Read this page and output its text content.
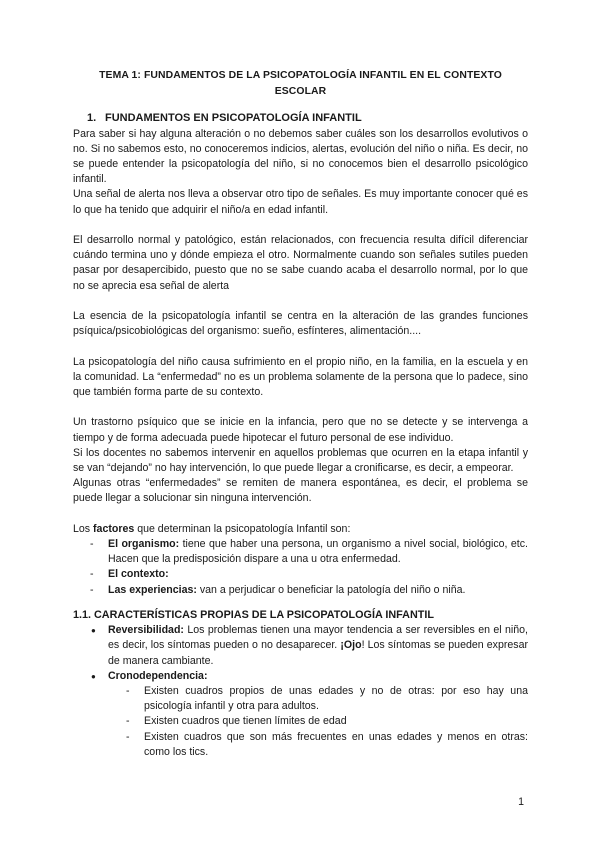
TEMA 1: FUNDAMENTOS DE LA PSICOPATOLOGÍA INFANTIL EN EL CONTEXTO ESCOLAR
1. FUNDAMENTOS EN PSICOPATOLOGÍA INFANTIL

Para saber si hay alguna alteración o no debemos saber cuáles son los desarrollos evolutivos o no. Si no sabemos esto, no conoceremos indicios, alertas, evolución del niño o niña. Es decir, no se puede entender la psicopatología del niño, si no conocemos bien el desarrollo psicológico infantil.

Una señal de alerta nos lleva a observar otro tipo de señales. Es muy importante conocer qué es lo que ha tenido que adquirir el niño/a en edad infantil.

El desarrollo normal y patológico, están relacionados, con frecuencia resulta difícil diferenciar cuándo termina uno y dónde empieza el otro. Normalmente cuando son señales sutiles pueden pasar por desapercibido, puesto que no se sabe cuando acaba el desarrollo normal, por lo que no se aprecia esa señal de alerta

La esencia de la psicopatología infantil se centra en la alteración de las grandes funciones psíquica/psicobiológicas del organismo: sueño, esfínteres, alimentación....

La psicopatología del niño causa sufrimiento en el propio niño, en la familia, en la escuela y en la comunidad. La “enfermedad” no es un problema solamente de la persona que lo padece, sino que también forma parte de su contexto.

Un trastorno psíquico que se inicie en la infancia, pero que no se detecte y se intervenga a tiempo y de forma adecuada puede hipotecar el futuro personal de ese individuo.

Si los docentes no sabemos intervenir en aquellos problemas que ocurren en la etapa infantil y se van “dejando” no hay intervención, lo que puede llegar a cronificarse, es decir, a empeorar.

Algunas otras “enfermedades” se remiten de manera espontánea, es decir, el problema se puede llegar a solucionar sin ninguna intervención.

Los factores que determinan la psicopatología Infantil son:

- El organismo: tiene que haber una persona, un organismo a nivel social, biológico, etc. Hacen que la predisposición dispare a una u otra enfermedad.
- El contexto:
- Las experiencias: van a perjudicar o beneficiar la patología del niño o niña.
1.1. CARACTERÍSTICAS PROPIAS DE LA PSICOPATOLOGÍA INFANTIL
● Reversibilidad: Los problemas tienen una mayor tendencia a ser reversibles en el niño, es decir, los síntomas pueden o no desaparecer. ¡Ojo! Los síntomas se pueden expresar de manera cambiante.
● Cronodependencia:
- Existen cuadros propios de unas edades y no de otras: por eso hay una psicología infantil y otra para adultos.
- Existen cuadros que tienen límites de edad
- Existen cuadros que son más frecuentes en unas edades y menos en otras: como los tics.
1
